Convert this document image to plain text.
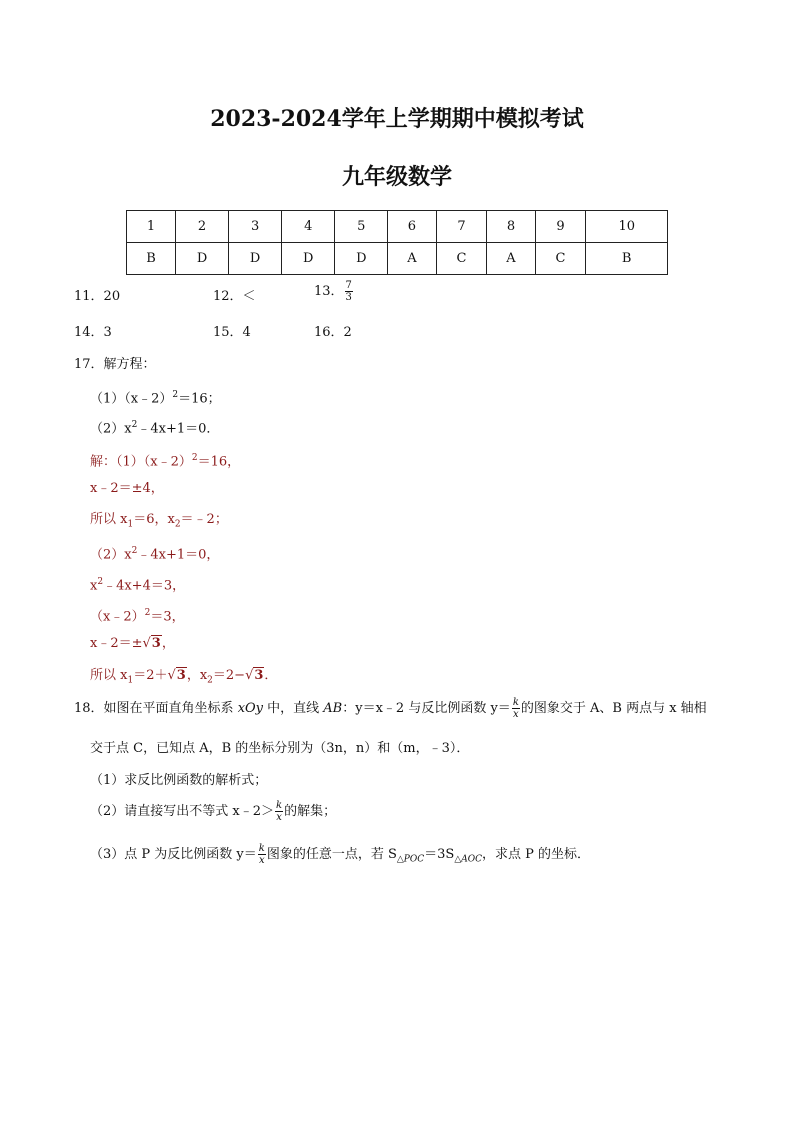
2023-2024学年上学期期中模拟考试
九年级数学
1	2	3	4	5	6	7	8	9	10
B	D	D	D	D	A	C	A	C	B
11．20	12．＜	13． $\frac{7}{3}$
14．3	15．4	16．2
17．解方程：
（1）（x﹣2）$^2$＝16；
$(2)x^2﹣4x+1=0$．
解：（1）（x﹣2）$^2$＝16，
x﹣2＝±4，
所以 $x_1=6$，$x_2=﹣2$；
$(2)x^2﹣4x+1=0$，
$x^2﹣4x+4=3$，
（x﹣2）$^2$＝3，
x﹣2＝±√3，
所以 $x_1=2+√3$，$x_2=2-√3$．
18．如图在平面直角坐标系 xOy 中，直线 AB：y＝x﹣2 与反比例函数 $y= \frac{k}{x}$ 的图象交于 A、B 两点与 x 轴相
交于点 C，已知点 A，B 的坐标分别为（3n，n）和（m，﹣3）．
（1）求反比例函数的解析式；
（2）请直接写出不等式 x﹣2＞ $\frac{k}{x}$ 的解集；
（3）点 P 为反比例函数 $y= \frac{k}{x}$ 图象的任意一点，若 $S_{\triangle POC}=3S_{\triangle AOC}$，求点 P 的坐标．
